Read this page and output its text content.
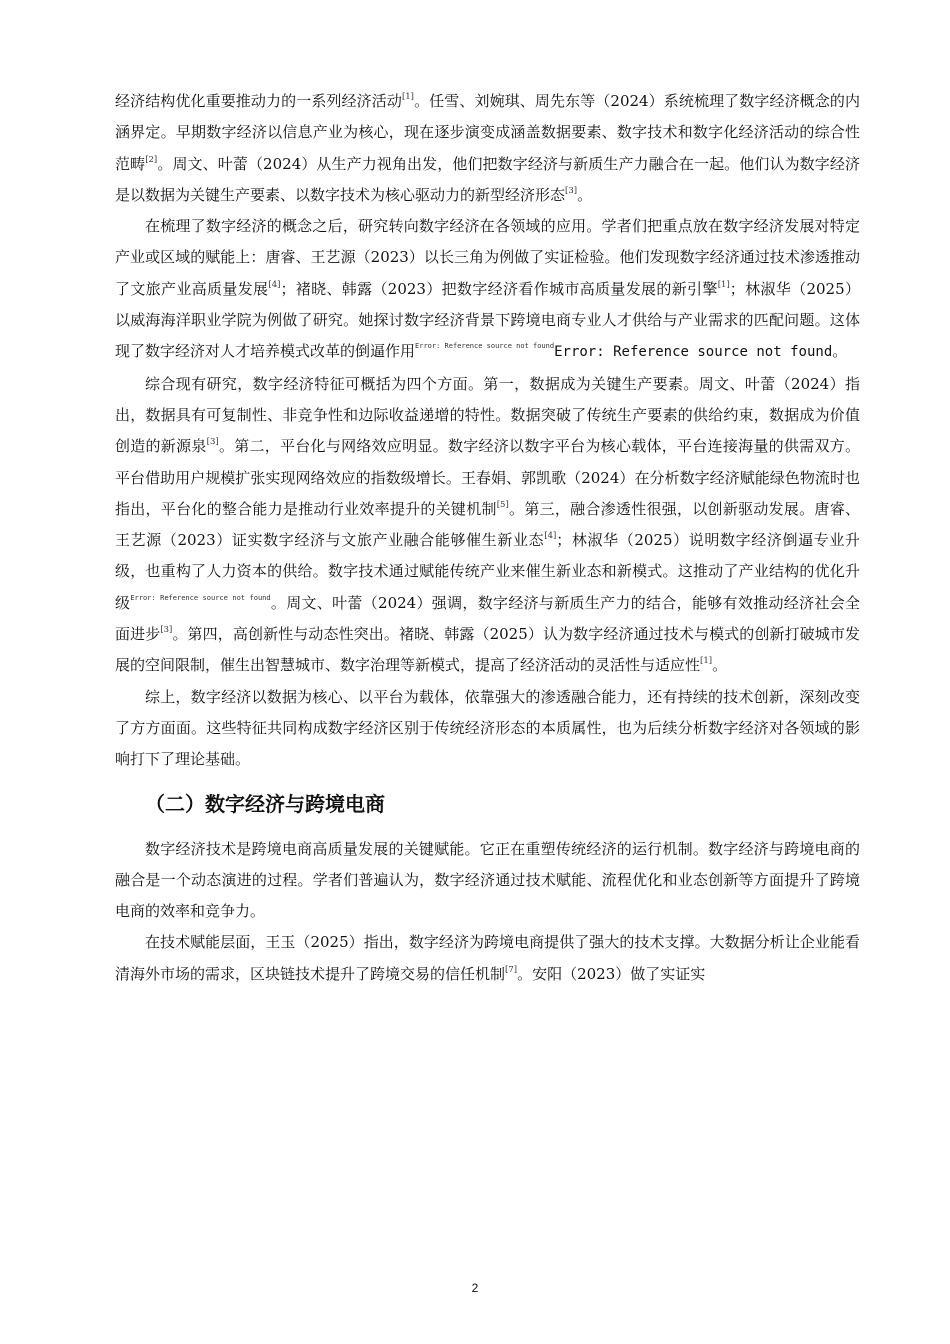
经济结构优化重要推动力的一系列经济活动[1]。任雪、刘婉琪、周先东等（2024）系统梳理了数字经济概念的内涵界定。早期数字经济以信息产业为核心，现在逐步演变成涵盖数据要素、数字技术和数字化经济活动的综合性范畴[2]。周文、叶蕾（2024）从生产力视角出发，他们把数字经济与新质生产力融合在一起。他们认为数字经济是以数据为关键生产要素、以数字技术为核心驱动力的新型经济形态[3]。

在梳理了数字经济的概念之后，研究转向数字经济在各领域的应用。学者们把重点放在数字经济发展对特定产业或区域的赋能上：唐睿、王艺源（2023）以长三角为例做了实证检验。他们发现数字经济通过技术渗透推动了文旅产业高质量发展[4]；褚晓、韩露（2023）把数字经济看作城市高质量发展的新引擎[1]；林淑华（2025）以威海海洋职业学院为例做了研究。她探讨数字经济背景下跨境电商专业人才供给与产业需求的匹配问题。这体现了数字经济对人才培养模式改革的倒逼作用$^{Error: Reference source not found}$Error: Reference source not found。

综合现有研究，数字经济特征可概括为四个方面。第一，数据成为关键生产要素。周文、叶蕾（2024）指出，数据具有可复制性、非竞争性和边际收益递增的特性。数据突破了传统生产要素的供给约束，数据成为价值创造的新源泉[3]。第二，平台化与网络效应明显。数字经济以数字平台为核心载体，平台连接海量的供需双方。平台借助用户规模扩张实现网络效应的指数级增长。王春娟、郭凯歌（2024）在分析数字经济赋能绿色物流时也指出，平台化的整合能力是推动行业效率提升的关键机制[5]。第三，融合渗透性很强，以创新驱动发展。唐睿、王艺源（2023）证实数字经济与文旅产业融合能够催生新业态[4]；林淑华（2025）说明数字经济倒逼专业升级，也重构了人力资本的供给。数字技术通过赋能传统产业来催生新业态和新模式。这推动了产业结构的优化升级$^{Error: Reference source not found}$。周文、叶蕾（2024）强调，数字经济与新质生产力的结合，能够有效推动经济社会全面进步[3]。第四，高创新性与动态性突出。褚晓、韩露（2025）认为数字经济通过技术与模式的创新打破城市发展的空间限制，催生出智慧城市、数字治理等新模式，提高了经济活动的灵活性与适应性[1]。

综上，数字经济以数据为核心、以平台为载体，依靠强大的渗透融合能力，还有持续的技术创新，深刻改变了方方面面。这些特征共同构成数字经济区别于传统经济形态的本质属性，也为后续分析数字经济对各领域的影响打下了理论基础。

（二）数字经济与跨境电商

数字经济技术是跨境电商高质量发展的关键赋能。它正在重塑传统经济的运行机制。数字经济与跨境电商的融合是一个动态演进的过程。学者们普遍认为，数字经济通过技术赋能、流程优化和业态创新等方面提升了跨境电商的效率和竞争力。

在技术赋能层面，王玉（2025）指出，数字经济为跨境电商提供了强大的技术支撑。大数据分析让企业能看清海外市场的需求，区块链技术提升了跨境交易的信任机制[7]。安阳（2023）做了实证实

2
